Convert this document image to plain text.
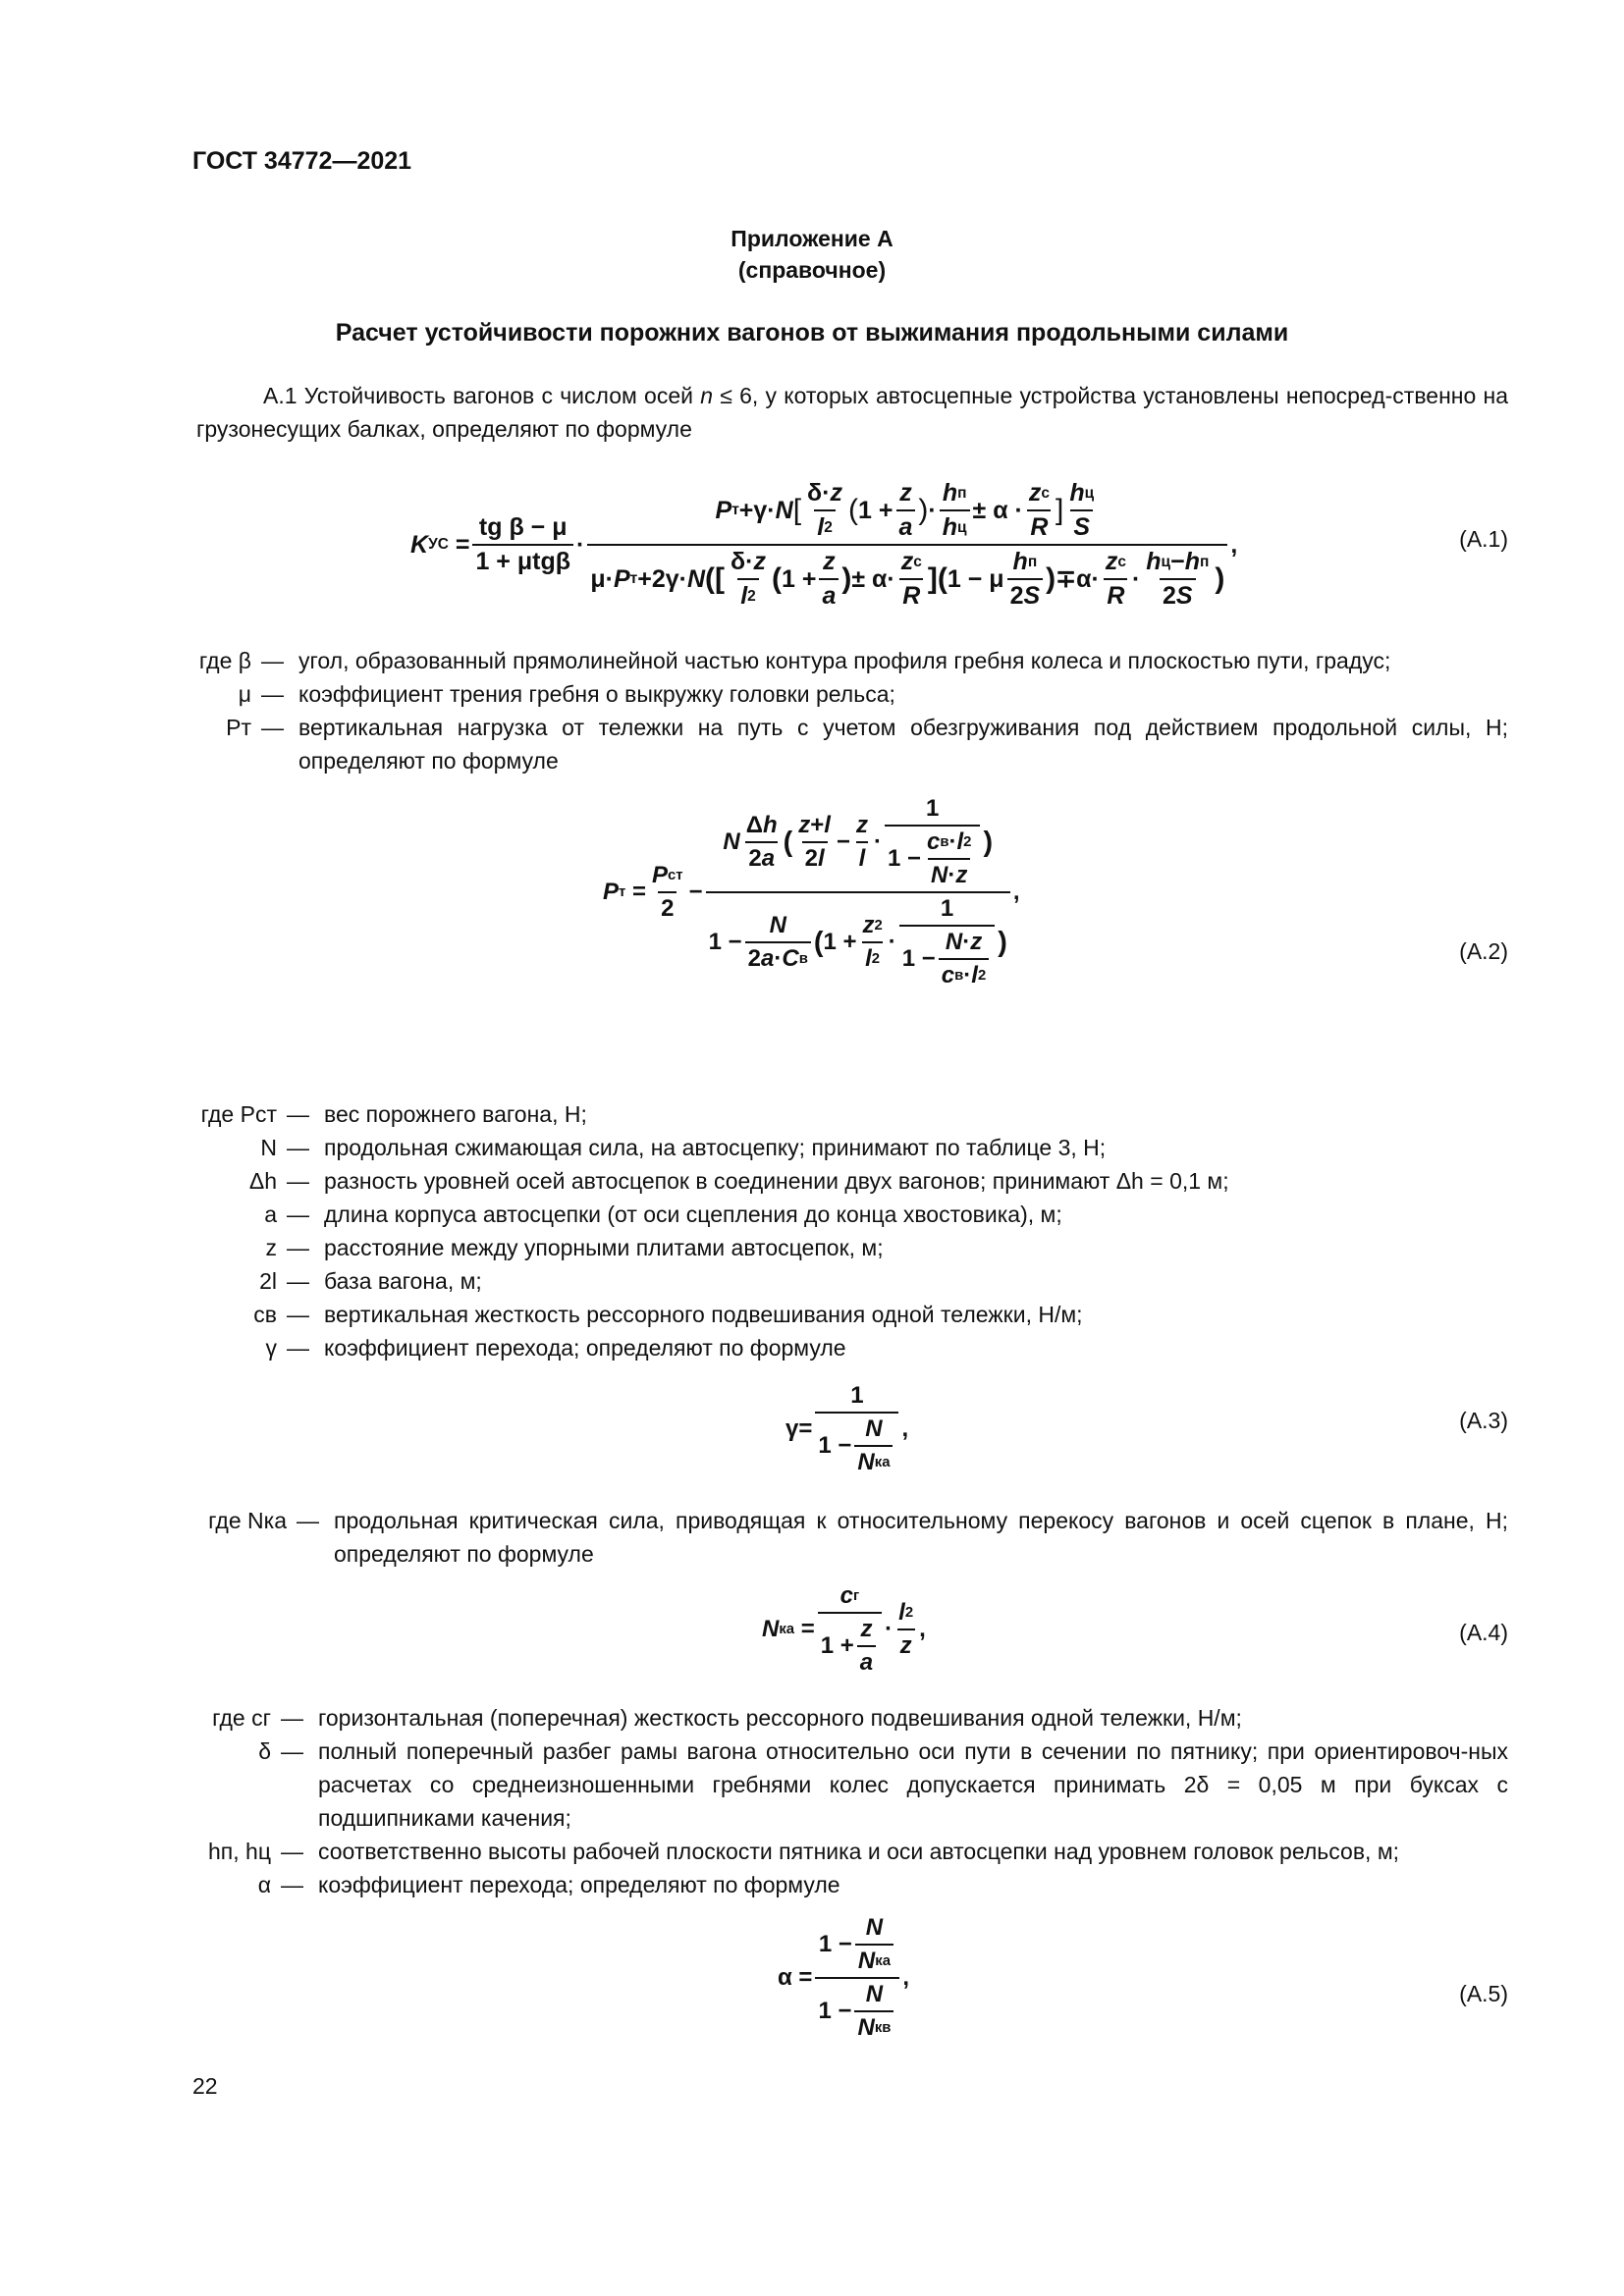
ГОСТ 34772—2021
Приложение А
(справочное)
Расчет устойчивости порожних вагонов от выжимания продольными силами
А.1 Устойчивость вагонов с числом осей n ≤ 6, у которых автосцепные устройства установлены непосред-ственно на грузонесущих балках, определяют по формуле
K УС = $\frac{\text{tg β − μ}}{\text{1 + μtgβ}}$ ·
P т +γ· N [ $\frac{\delta\cdot z}{l 2}$ ( $1 + \frac{z}{a}$ ) · $\frac{\text{h п}}{\text{h ц}} \pm \alpha \cdot \frac{\text{z c}}{R}$ ] $\frac{\text{h ц}}{S}$
μ· P т +2γ· N ([ $\frac{\delta\cdot z}{l 2}$ ( $1 + \frac{z}{a}$ ) ± $\alpha\cdot \frac{\text{z c}}{R}$ ]( 1 − μ $\frac{\text{h п}}{2 S}$ ) $\mp\alpha\cdot \frac{\text{z c}}{R} \cdot \frac{\text{h ц − h п}}{2 S}$ )
,	(А.1)
где β — угол, образованный прямолинейной частью контура профиля гребня колеса и плоскостью пути, градус;
μ — коэффициент трения гребня о выкружку головки рельса;
Pт — вертикальная нагрузка от тележки на путь с учетом обезгруживания под действием продольной силы, Н; определяют по формуле
P $т = \frac{\text{P ст}}{2}$ −
N $\frac{\text{Δ h}}{2 a}$ ( $\frac{z + l}{2 l} - \frac{z}{l} \cdot \frac{1}{1 - \frac{\text{c в · l 2}}{N \cdot z}}$ )
$1 - \frac{N}{\text{2 a · C в}}$ ( $1 + \frac{z 2}{l 2} \cdot \frac{1}{1 - \frac{N \cdot z}{\text{c в · l 2}}}$ )
,
(А.2)
где Pст — вес порожнего вагона, Н;
N — продольная сжимающая сила, на автосцепку; принимают по таблице 3, Н;
Δh — разность уровней осей автосцепок в соединении двух вагонов; принимают Δh = 0,1 м;
a — длина корпуса автосцепки (от оси сцепления до конца хвостовика), м;
z — расстояние между упорными плитами автосцепок, м;
2l — база вагона, м;
cв — вертикальная жесткость рессорного подвешивания одной тележки, Н/м;
γ — коэффициент перехода; определяют по формуле
$\gamma= \frac{1}{1 - \frac{N}{\text{N ка}}}$ ,	(А.3)
где Nка — продольная критическая сила, приводящая к относительному перекосу вагонов и осей сцепок в плане, Н; определяют по формуле
N ка = $\frac{\text{c г}}{1 + \frac{z}{a}} \cdot \frac{l 2}{z}$ ,	(А.4)
где cг — горизонтальная (поперечная) жесткость рессорного подвешивания одной тележки, Н/м;
δ — полный поперечный разбег рамы вагона относительно оси пути в сечении по пятнику; при ориентировоч-ных расчетах со среднеизношенными гребнями колес допускается принимать 2δ = 0,05 м при буксах с подшипниками качения;
hп, hц — соответственно высоты рабочей плоскости пятника и оси автосцепки над уровнем головок рельсов, м;
α — коэффициент перехода; определяют по формуле
$\alpha = \frac{1 - \frac{N}{\text{N ка}}}{1 - \frac{N}{\text{N кв}}}$ ,
(А.5)
22
